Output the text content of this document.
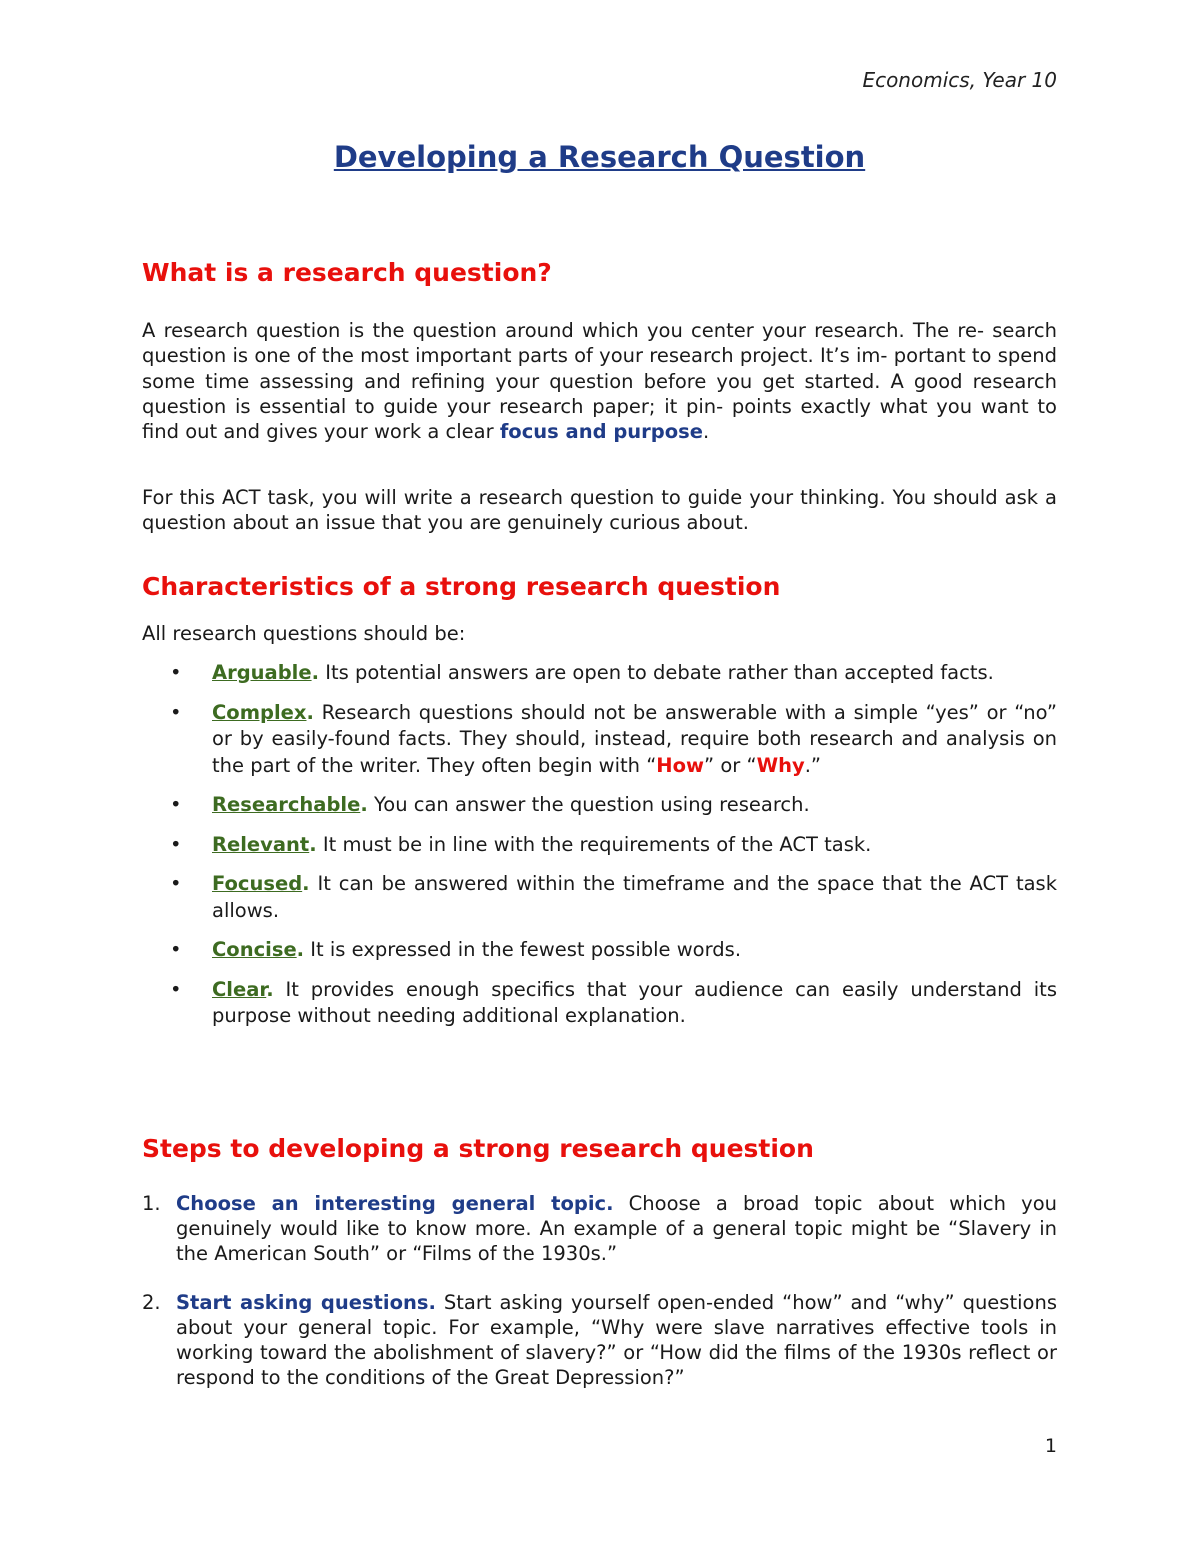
Economics, Year 10
Developing a Research Question
What is a research question?

A research question is the question around which you center your research. The re- search question is one of the most important parts of your research project. It’s im- portant to spend some time assessing and refining your question before you get started. A good research question is essential to guide your research paper; it pin- points exactly what you want to find out and gives your work a clear focus and purpose.

For this ACT task, you will write a research question to guide your thinking. You should ask a question about an issue that you are genuinely curious about.

Characteristics of a strong research question

All research questions should be:

• Arguable. Its potential answers are open to debate rather than accepted facts.
• Complex. Research questions should not be answerable with a simple “yes” or “no” or by easily-found facts. They should, instead, require both research and analysis on the part of the writer. They often begin with “How” or “Why.”
• Researchable. You can answer the question using research.
• Relevant. It must be in line with the requirements of the ACT task.
• Focused. It can be answered within the timeframe and the space that the ACT task allows.
• Concise. It is expressed in the fewest possible words.
• Clear. It provides enough specifics that your audience can easily understand its purpose without needing additional explanation.
Steps to developing a strong research question
1. Choose an interesting general topic. Choose a broad topic about which you genuinely would like to know more. An example of a general topic might be “Slavery in the American South” or “Films of the 1930s.”
2. Start asking questions. Start asking yourself open-ended “how” and “why” questions about your general topic. For example, “Why were slave narratives effective tools in working toward the abolishment of slavery?” or “How did the films of the 1930s reflect or respond to the conditions of the Great Depression?”
1
